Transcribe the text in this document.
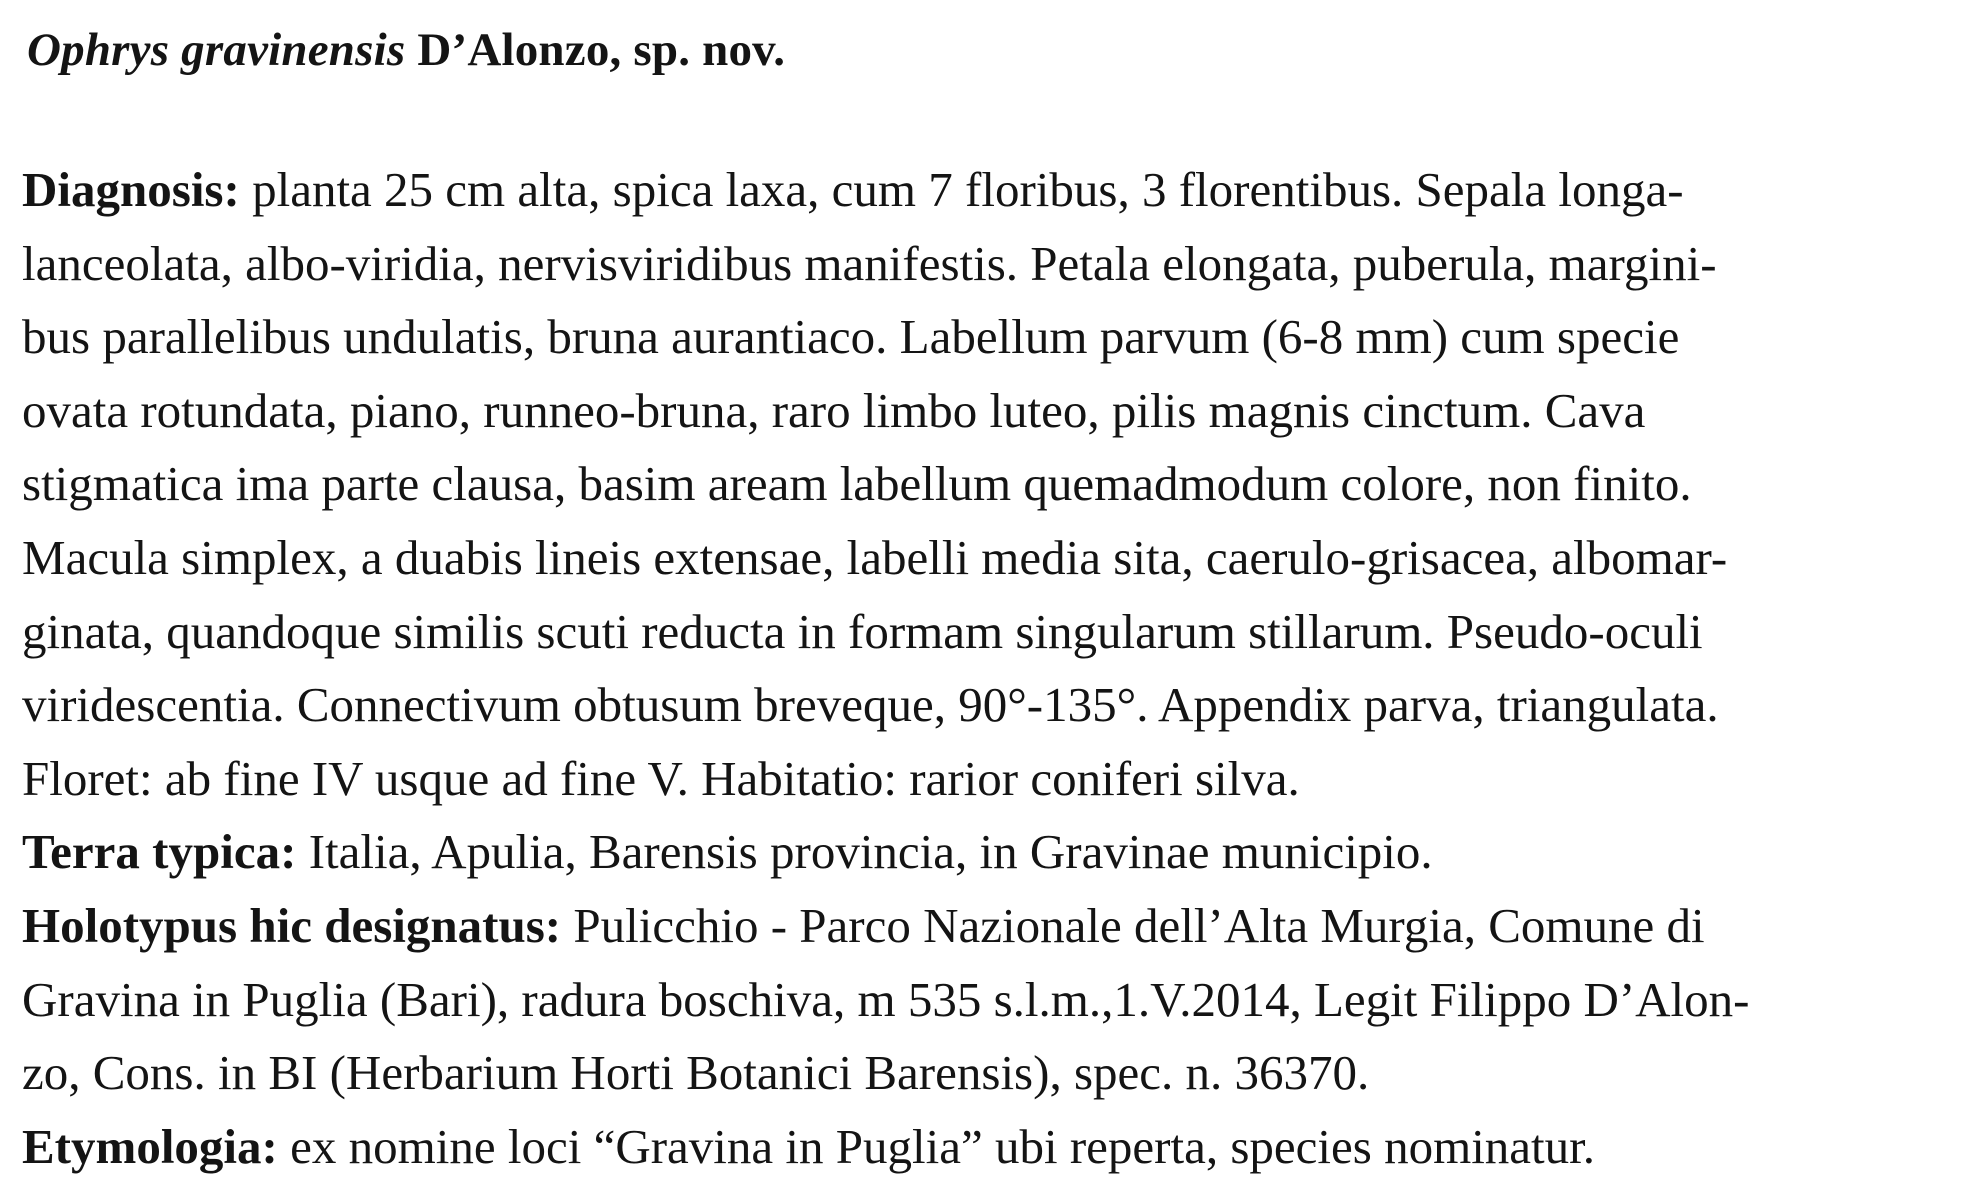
Ophrys gravinensis D’Alonzo, sp. nov.
Diagnosis: planta 25 cm alta, spica laxa, cum 7 floribus, 3 florentibus. Sepala longa-
lanceolata, albo-viridia, nervisviridibus manifestis. Petala elongata, puberula, margini-
bus parallelibus undulatis, bruna aurantiaco. Labellum parvum (6-8 mm) cum specie
ovata rotundata, piano, runneo-bruna, raro limbo luteo, pilis magnis cinctum. Cava
stigmatica ima parte clausa, basim aream labellum quemadmodum colore, non finito.
Macula simplex, a duabis lineis extensae, labelli media sita, caerulo-grisacea, albomar-
ginata, quandoque similis scuti reducta in formam singularum stillarum. Pseudo-oculi
viridescentia. Connectivum obtusum breveque, 90°-135°. Appendix parva, triangulata.
Floret: ab fine IV usque ad fine V. Habitatio: rarior coniferi silva.
Terra typica: Italia, Apulia, Barensis provincia, in Gravinae municipio.
Holotypus hic designatus: Pulicchio - Parco Nazionale dell’Alta Murgia, Comune di
Gravina in Puglia (Bari), radura boschiva, m 535 s.l.m.,1.V.2014, Legit Filippo D’Alon-
zo, Cons. in BI (Herbarium Horti Botanici Barensis), spec. n. 36370.
Etymologia: ex nomine loci “Gravina in Puglia” ubi reperta, species nominatur.
